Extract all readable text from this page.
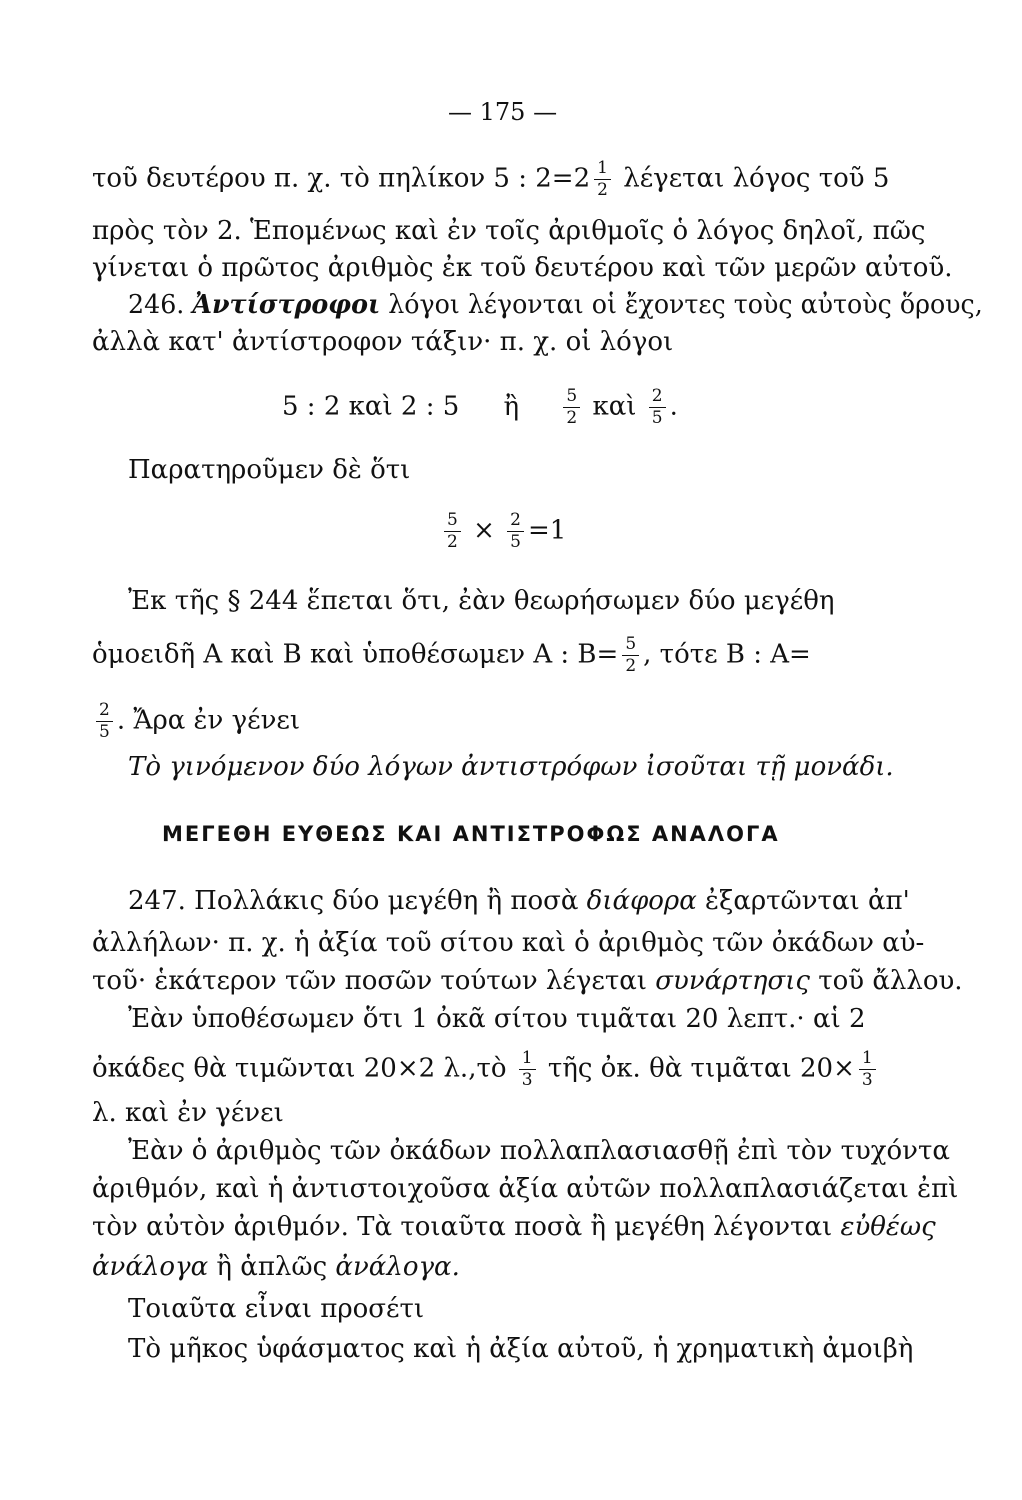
— 175 —
τοῦ δευτέρου π. χ. τὸ πηλίκον 5 : $2=2 \frac{1}{2}$ λέγεται λόγος τοῦ 5
πρὸς τὸν 2. Ἑπομένως καὶ ἐν τοῖς ἀριθμοῖς ὁ λόγος δηλοῖ, πῶς
γίνεται ὁ πρῶτος ἀριθμὸς ἐκ τοῦ δευτέρου καὶ τῶν μερῶν αὐτοῦ.
246. Ἀντίστροφοι λόγοι λέγονται οἱ ἔχοντες τοὺς αὐτοὺς ὅρους,
ἀλλὰ κατ' ἀντίστροφον τάξιν· π. χ. οἱ λόγοι
5 : 2 καὶ 2 : 5 ἢ	$\frac{5}{2}$ καὶ $\frac{2}{5}$ .
Παρατηροῦμεν δὲ ὅτι
$\frac{5}{2} \times \frac{2}{5} =1$
Ἐκ τῆς § 244 ἕπεται ὅτι, ἐὰν θεωρήσωμεν δύο μεγέθη
ὁμοειδῆ A καὶ B καὶ ὑποθέσωμεν A : $B= \frac{5}{2}$ , τότε B : A=
$\frac{2}{5}$ . Ἄρα ἐν γένει
Τὸ γινόμενον δύο λόγων ἀντιστρόφων ἰσοῦται τῇ μονάδι.
ΜΕΓΕΘΗ ΕΥΘΕΩΣ ΚΑΙ ΑΝΤΙΣΤΡΟΦΩΣ ΑΝΑΛΟΓΑ
247. Πολλάκις δύο μεγέθη ἢ ποσὰ διάφορα ἐξαρτῶνται ἀπ'
ἀλλήλων· π. χ. ἡ ἀξία τοῦ σίτου καὶ ὁ ἀριθμὸς τῶν ὀκάδων αὐ-
τοῦ· ἑκάτερον τῶν ποσῶν τούτων λέγεται συνάρτησις τοῦ ἄλλου.
Ἐὰν ὑποθέσωμεν ὅτι 1 ὀκᾶ σίτου τιμᾶται 20 λεπτ.· αἱ 2
ὀκάδες θὰ τιμῶνται 20×2 λ.,τὸ $\frac{1}{3}$ τῆς ὀκ. θὰ τιμᾶται $20\times \frac{1}{3}$
λ. καὶ ἐν γένει
Ἐὰν ὁ ἀριθμὸς τῶν ὀκάδων πολλαπλασιασθῇ ἐπὶ τὸν τυχόντα
ἀριθμόν, καὶ ἡ ἀντιστοιχοῦσα ἀξία αὐτῶν πολλαπλασιάζεται ἐπὶ
τὸν αὐτὸν ἀριθμόν. Τὰ τοιαῦτα ποσὰ ἢ μεγέθη λέγονται εὐθέως
ἀνάλογα ἢ ἁπλῶς ἀνάλογα.
Τοιαῦτα εἶναι προσέτι
Τὸ μῆκος ὑφάσματος καὶ ἡ ἀξία αὐτοῦ, ἡ χρηματικὴ ἀμοιβὴ
